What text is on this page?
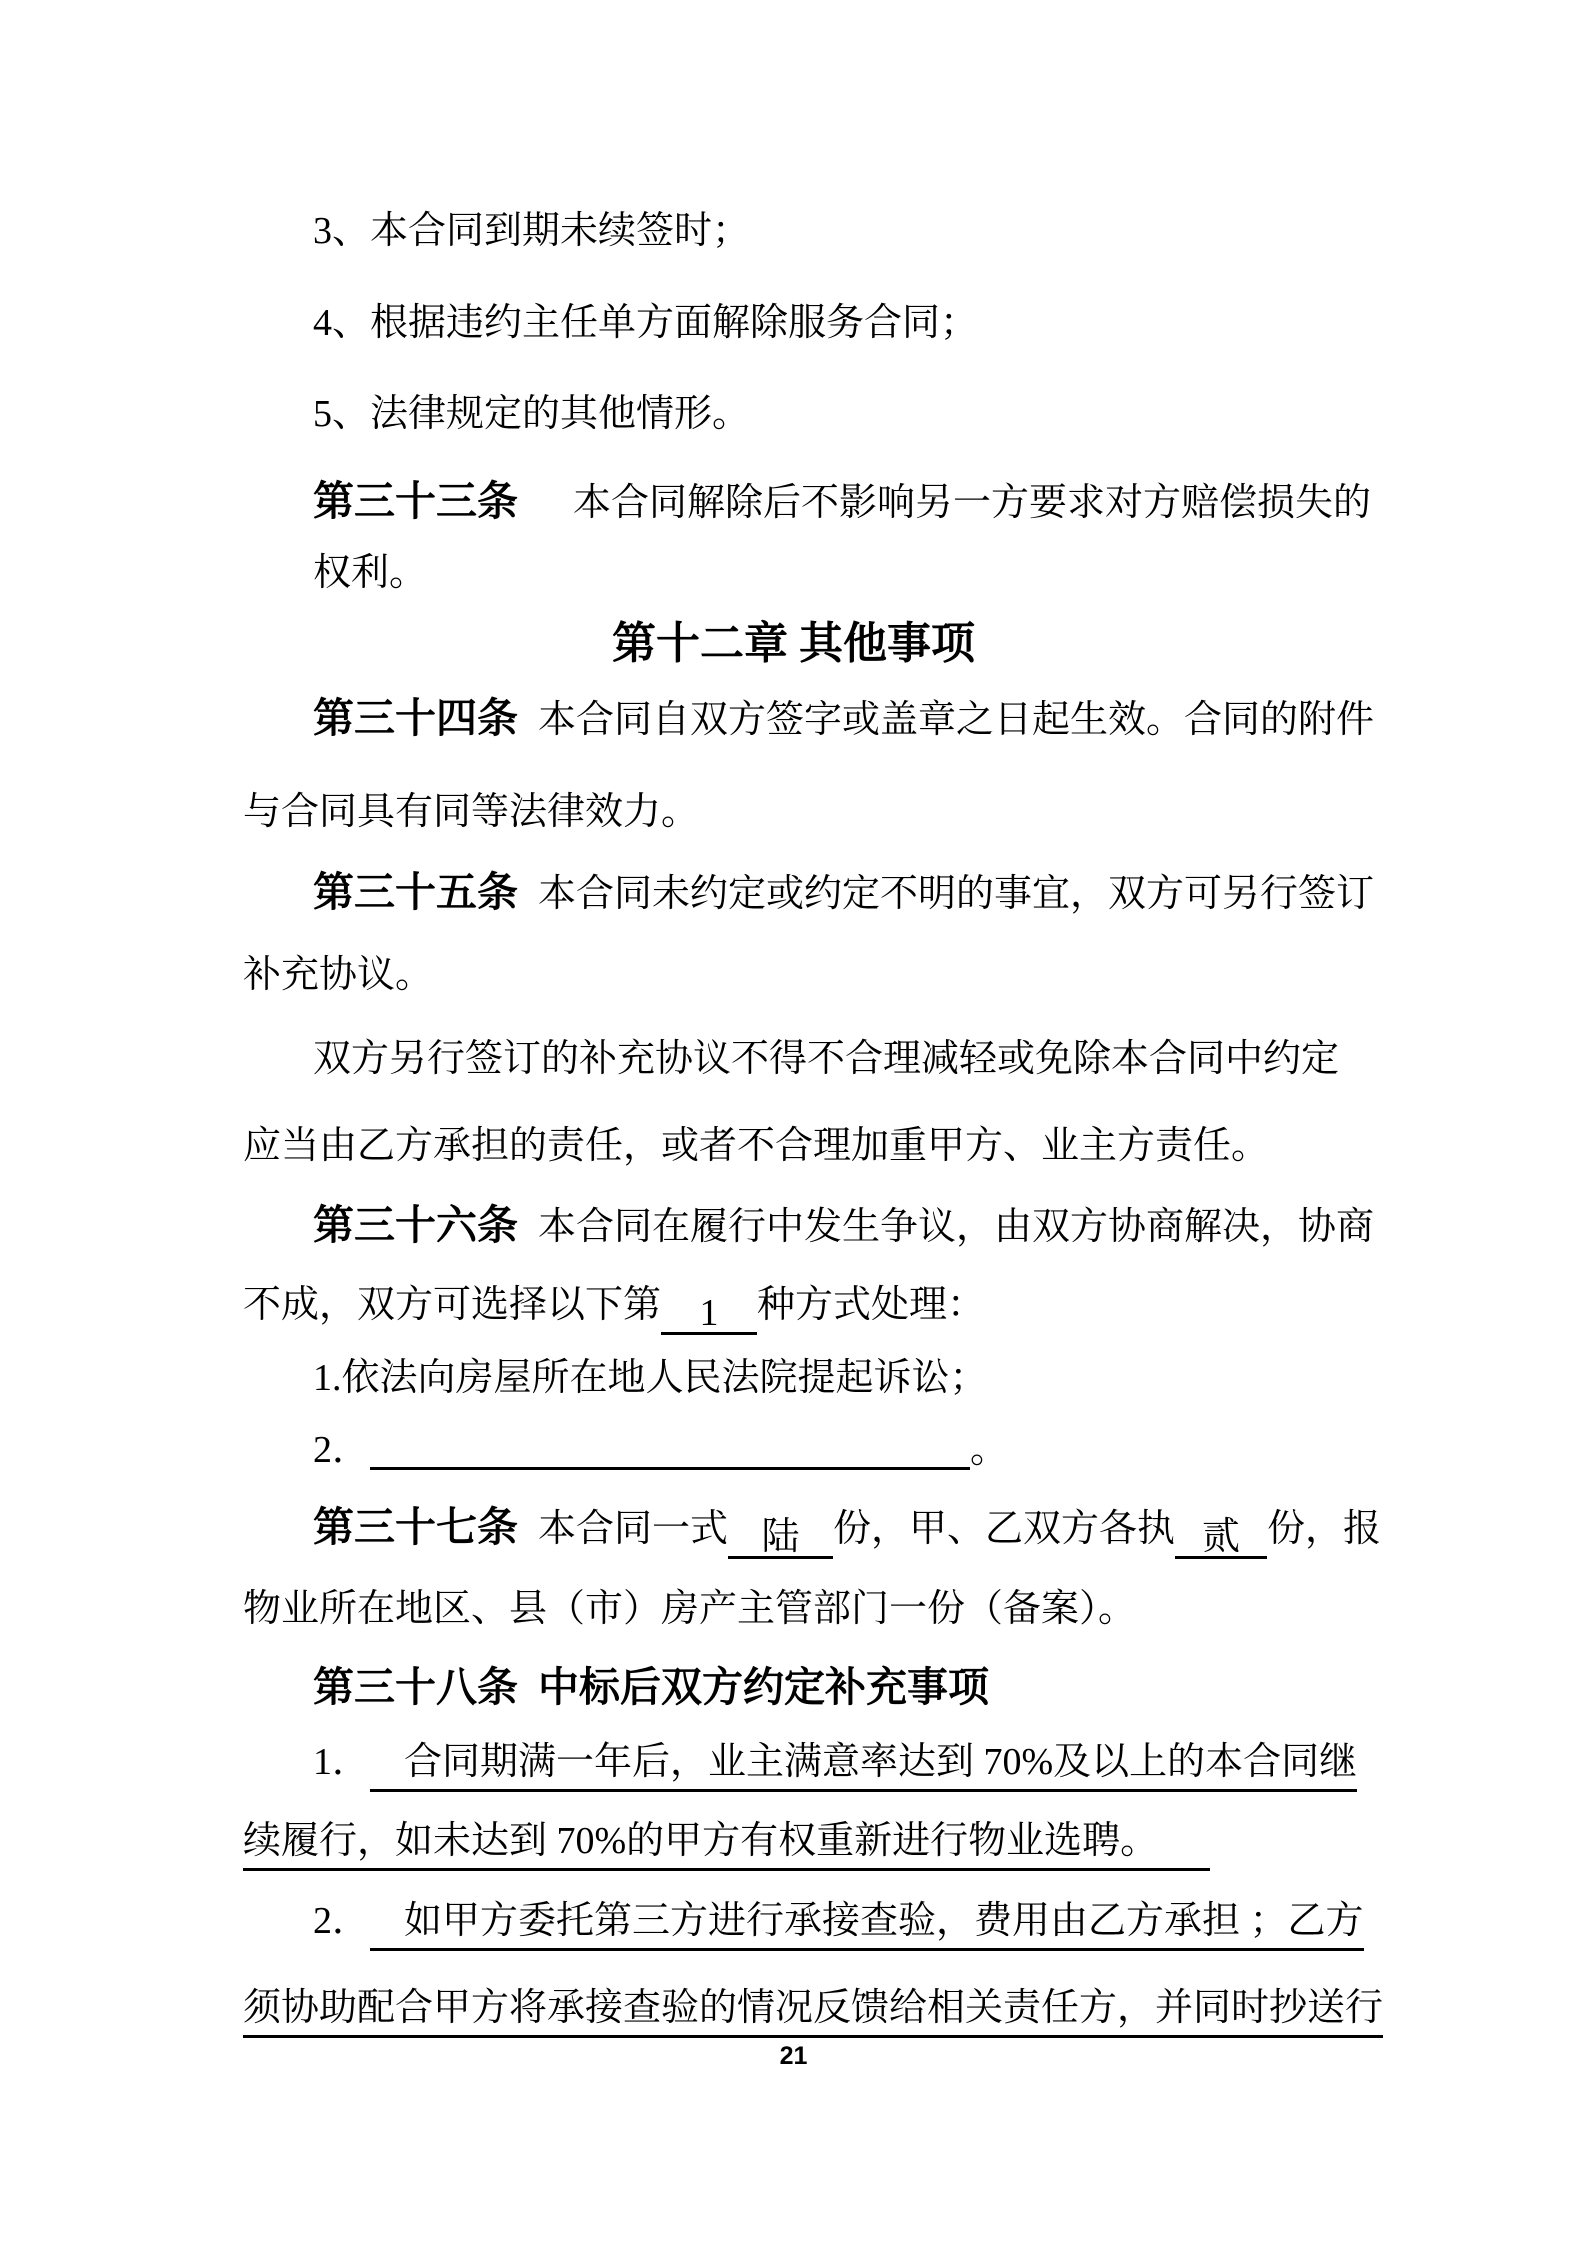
3、本合同到期未续签时；
4、根据违约主任单方面解除服务合同；
5、法律规定的其他情形。
第三十三条 本合同解除后不影响另一方要求对方赔偿损失的
权利。
第十二章 其他事项
第三十四条 本合同自双方签字或盖章之日起生效。合同的附件
与合同具有同等法律效力。
第三十五条 本合同未约定或约定不明的事宜，双方可另行签订
补充协议。
双方另行签订的补充协议不得不合理减轻或免除本合同中约定
应当由乙方承担的责任，或者不合理加重甲方、业主方责任。
第三十六条 本合同在履行中发生争议，由双方协商解决，协商
不成，双方可选择以下第 1 种方式处理：
1.依法向房屋所在地人民法院提起诉讼；
2．	。
第三十七条 本合同一式 陆 份，甲、乙双方各执 贰 份，报
物业所在地区、县（市）房产主管部门一份（备案）。
第三十八条 中标后双方约定补充事项
1． 合同期满一年后，业主满意率达到 70%及以上的本合同继
续履行，如未达到 70%的甲方有权重新进行物业选聘。
2． 如甲方委托第三方进行承接查验，费用由乙方承担 ；乙方
须协助配合甲方将承接查验的情况反馈给相关责任方，并同时抄送行
21
